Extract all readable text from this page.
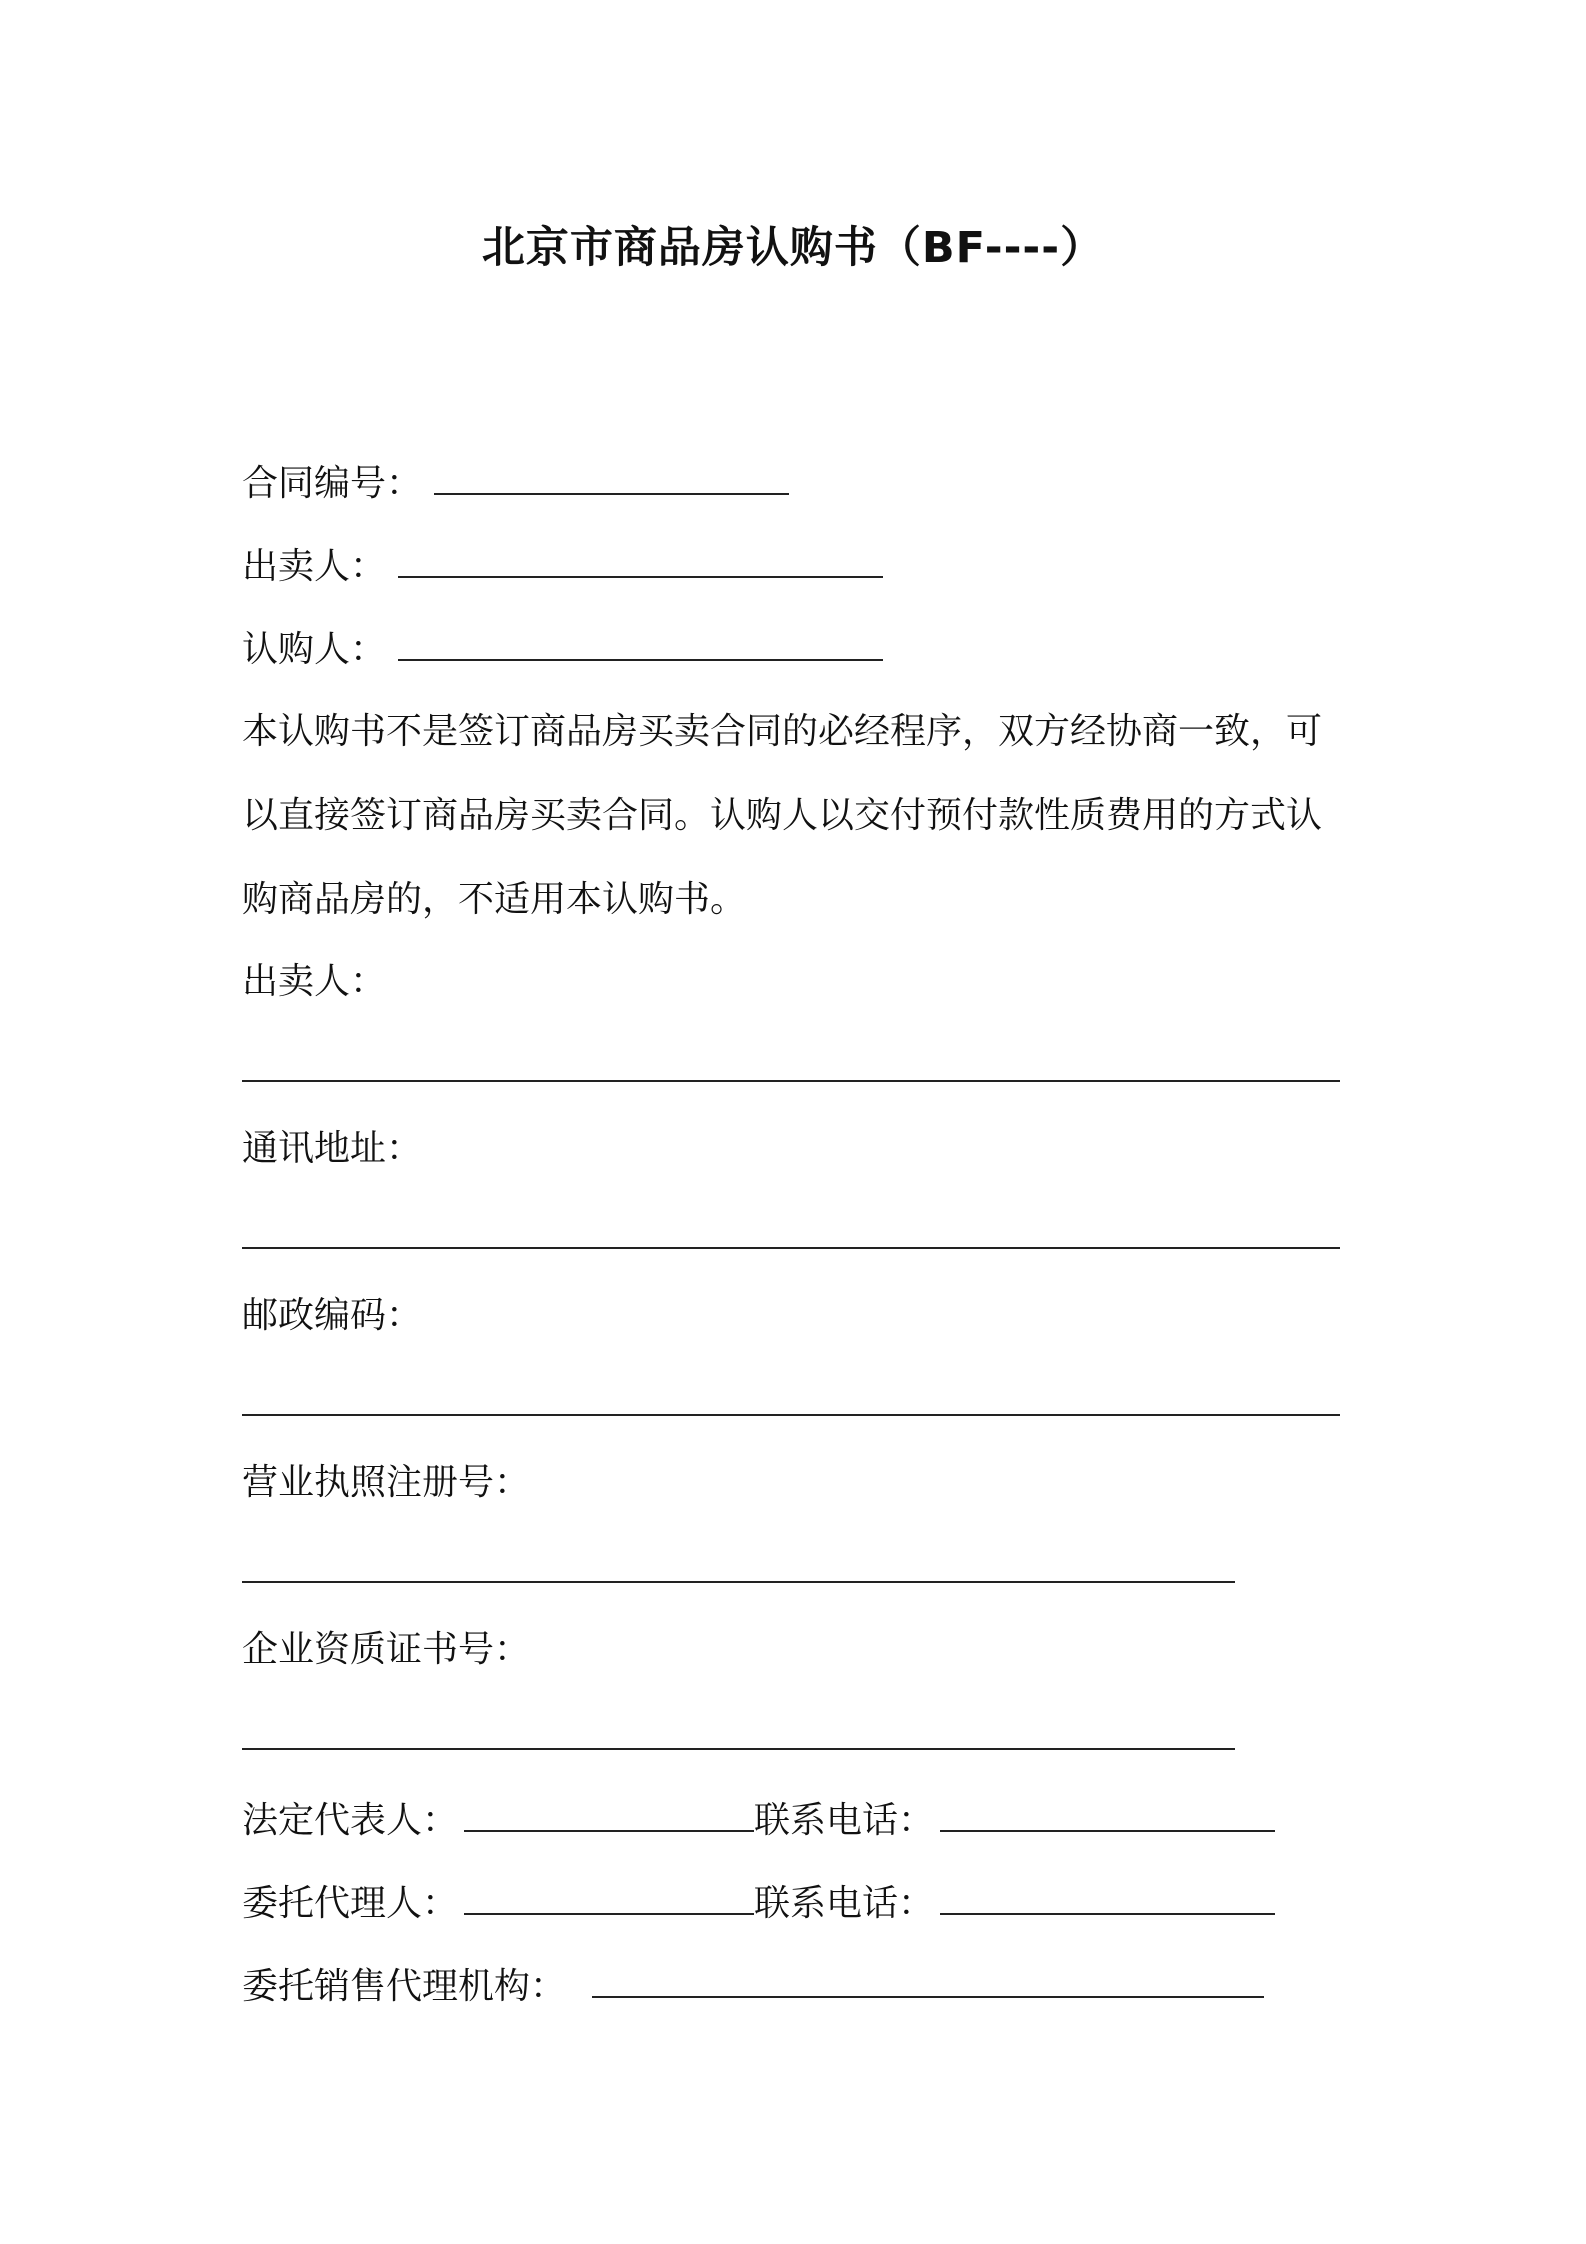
北京市商品房认购书（BF----）
合同编号：
出卖人：
认购人：
本认购书不是签订商品房买卖合同的必经程序，双方经协商一致，可
以直接签订商品房买卖合同。认购人以交付预付款性质费用的方式认
购商品房的，不适用本认购书。
出卖人：
通讯地址：
邮政编码：
营业执照注册号：
企业资质证书号：
法定代表人：	联系电话：
委托代理人：	联系电话：
委托销售代理机构：
